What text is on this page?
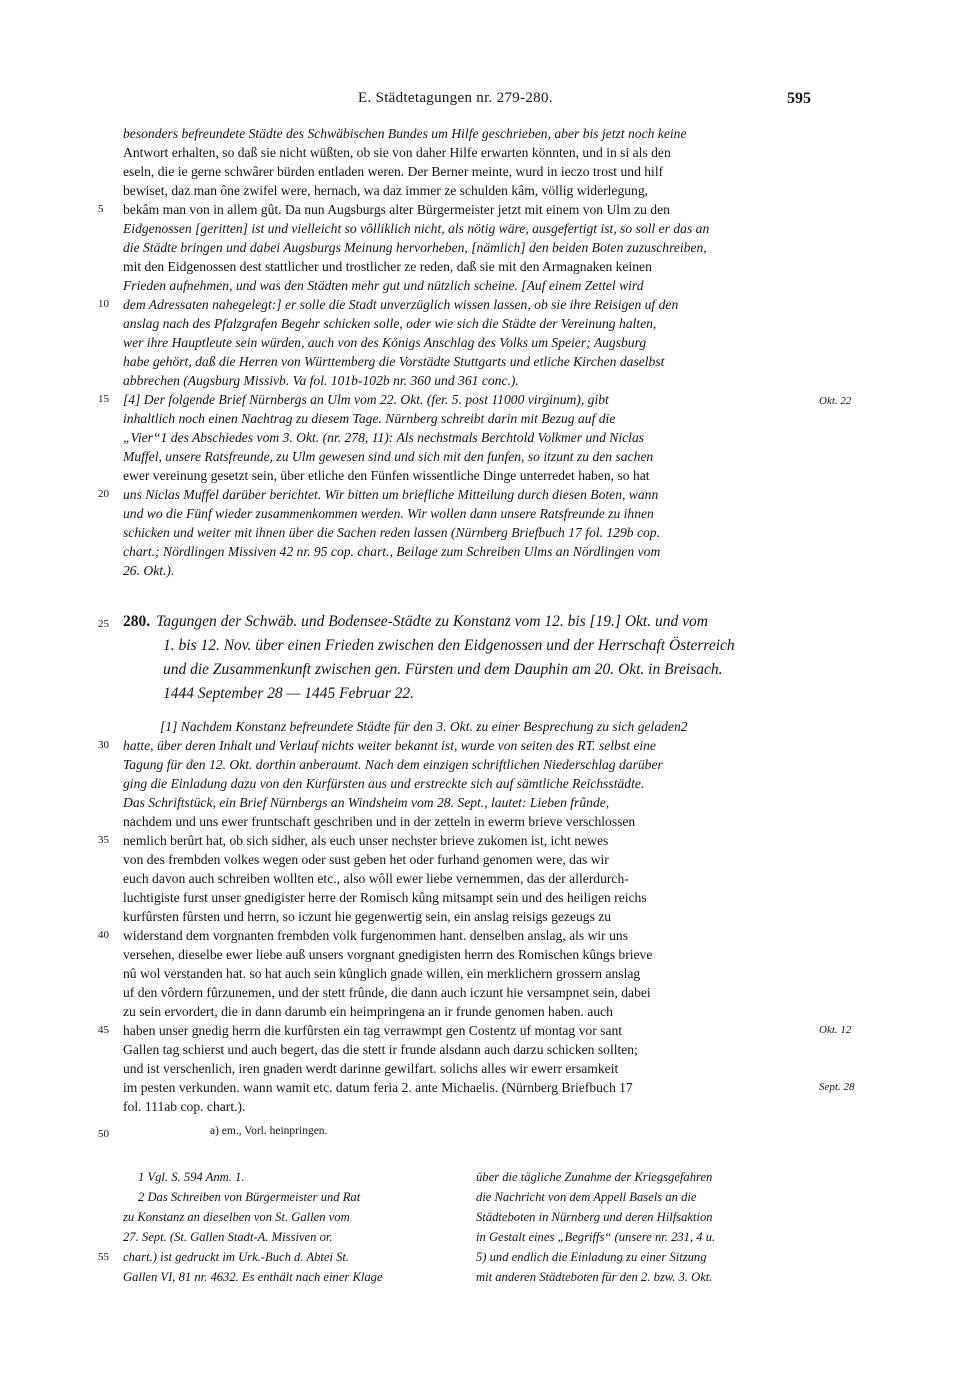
E. Städtetagungen nr. 279-280.	595
besonders befreundete Städte des Schwäbischen Bundes um Hilfe geschrieben, aber bis jetzt noch keine
Antwort erhalten, so daß sie nicht wüßten, ob sie von daher Hilfe erwarten könnten, und in si als den
eseln, die ie gerne schwârer bürden entladen weren. Der Berner meinte, wurd in ieczo trost und hilf
bewiset, daz man ône zwifel were, hernach, wa daz immer ze schulden kâm, völlig widerlegung,
bekâm man von in allem gût. Da nun Augsburgs alter Bürgermeister jetzt mit einem von Ulm zu den
Eidgenossen [geritten] ist und vielleicht so vôlliklich nicht, als nötig wäre, ausgefertigt ist, so soll er das an
die Städte bringen und dabei Augsburgs Meinung hervorheben, [nämlich] den beiden Boten zuzuschreiben,
mit den Eidgenossen dest stattlicher und trostlicher ze reden, daß sie mit den Armagnaken keinen
Frieden aufnehmen, und was den Städten mehr gut und nützlich scheine. [Auf einem Zettel wird
dem Adressaten nahegelegt:] er solle die Stadt unverzüglich wissen lassen, ob sie ihre Reisigen uf den
anslag nach des Pfalzgrafen Begehr schicken solle, oder wie sich die Städte der Vereinung halten,
wer ihre Hauptleute sein würden, auch von des Königs Anschlag des Volks um Speier; Augsburg
habe gehört, daß die Herren von Württemberg die Vorstädte Stuttgarts und etliche Kirchen daselbst
abbrechen (Augsburg Missivb. Va fol. 101b-102b nr. 360 und 361 conc.).
[4] Der folgende Brief Nürnbergs an Ulm vom 22. Okt. (fer. 5. post 11000 virginum), gibt
inhaltlich noch einen Nachtrag zu diesem Tage. Nürnberg schreibt darin mit Bezug auf die
„Vier“1 des Abschiedes vom 3. Okt. (nr. 278, 11): Als nechstmals Berchtold Volkmer und Niclas
Muffel, unsere Ratsfreunde, zu Ulm gewesen sind und sich mit den funfen, so itzunt zu den sachen
ewer vereinung gesetzt sein, über etliche den Fünfen wissentliche Dinge unterredet haben, so hat
uns Niclas Muffel darüber berichtet. Wir bitten um briefliche Mitteilung durch diesen Boten, wann
und wo die Fünf wieder zusammenkommen werden. Wir wollen dann unsere Ratsfreunde zu ihnen
schicken und weiter mit ihnen über die Sachen reden lassen (Nürnberg Briefbuch 17 fol. 129b cop.
chart.; Nördlingen Missiven 42 nr. 95 cop. chart., Beilage zum Schreiben Ulms an Nördlingen vom
26. Okt.).
5
10
15
20
Okt. 22
25 280. Tagungen der Schwäb. und Bodensee-Städte zu Konstanz vom 12. bis [19.] Okt. und vom
1. bis 12. Nov. über einen Frieden zwischen den Eidgenossen und der Herrschaft Österreich
und die Zusammenkunft zwischen gen. Fürsten und dem Dauphin am 20. Okt. in Breisach.
1444 September 28 — 1445 Februar 22.
[1] Nachdem Konstanz befreundete Städte für den 3. Okt. zu einer Besprechung zu sich geladen2
hatte, über deren Inhalt und Verlauf nichts weiter bekannt ist, wurde von seiten des RT. selbst eine
Tagung für den 12. Okt. dorthin anberaumt. Nach dem einzigen schriftlichen Niederschlag darüber
ging die Einladung dazu von den Kurfürsten aus und erstreckte sich auf sämtliche Reichsstädte.
Das Schriftstück, ein Brief Nürnbergs an Windsheim vom 28. Sept., lautet: Lieben frûnde,
nachdem und uns ewer fruntschaft geschriben und in der zetteln in ewerm brieve verschlossen
nemlich berûrt hat, ob sich sidher, als euch unser nechster brieve zukomen ist, icht newes
von des frembden volkes wegen oder sust geben het oder furhand genomen were, das wir
euch davon auch schreiben wollten etc., also wôll ewer liebe vernemmen, das der allerdurch-
luchtigiste furst unser gnedigister herre der Romisch kûng mitsampt sein und des heiligen reichs
kurfûrsten fûrsten und herrn, so iczunt hie gegenwertig sein, ein anslag reisigs gezeugs zu
widerstand dem vorgnanten frembden volk furgenommen hant. denselben anslag, als wir uns
versehen, dieselbe ewer liebe auß unsers vorgnant gnedigisten herrn des Romischen kûngs brieve
nû wol verstanden hat. so hat auch sein kûnglich gnade willen, ein merklichern grossern anslag
uf den vôrdern fûrzunemen, und der stett frûnde, die dann auch iczunt hie versampnet sein, dabei
zu sein ervordert, die in dann darumb ein heimpringena an ir frunde genomen haben. auch
haben unser gnedig herrn die kurfûrsten ein tag verrawmpt gen Costentz uf montag vor sant
Gallen tag schierst und auch begert, das die stett ir frunde alsdann auch darzu schicken sollten;
und ist verschenlich, iren gnaden werdt darinne gewilfart. solichs alles wir ewerr ersamkeit
im pesten verkunden. wann wamit etc. datum feria 2. ante Michaelis. (Nürnberg Briefbuch 17
fol. 111ab cop. chart.).
30
35
40
45	Okt. 12
Sept. 28
50	a) em., Vorl. heinpringen.
1 Vgl. S. 594 Anm. 1.
2 Das Schreiben von Bürgermeister und Rat
zu Konstanz an dieselben von St. Gallen vom
27. Sept. (St. Gallen Stadt-A. Missiven or.
chart.) ist gedruckt im Urk.-Buch d. Abtei St.
Gallen VI, 81 nr. 4632. Es enthält nach einer Klage
über die tägliche Zunahme der Kriegsgefahren
die Nachricht von dem Appell Basels an die
Städteboten in Nürnberg und deren Hilfsaktion
in Gestalt eines „Begriffs“ (unsere nr. 231, 4 u.
5) und endlich die Einladung zu einer Sitzung
mit anderen Städteboten für den 2. bzw. 3. Okt.
55
